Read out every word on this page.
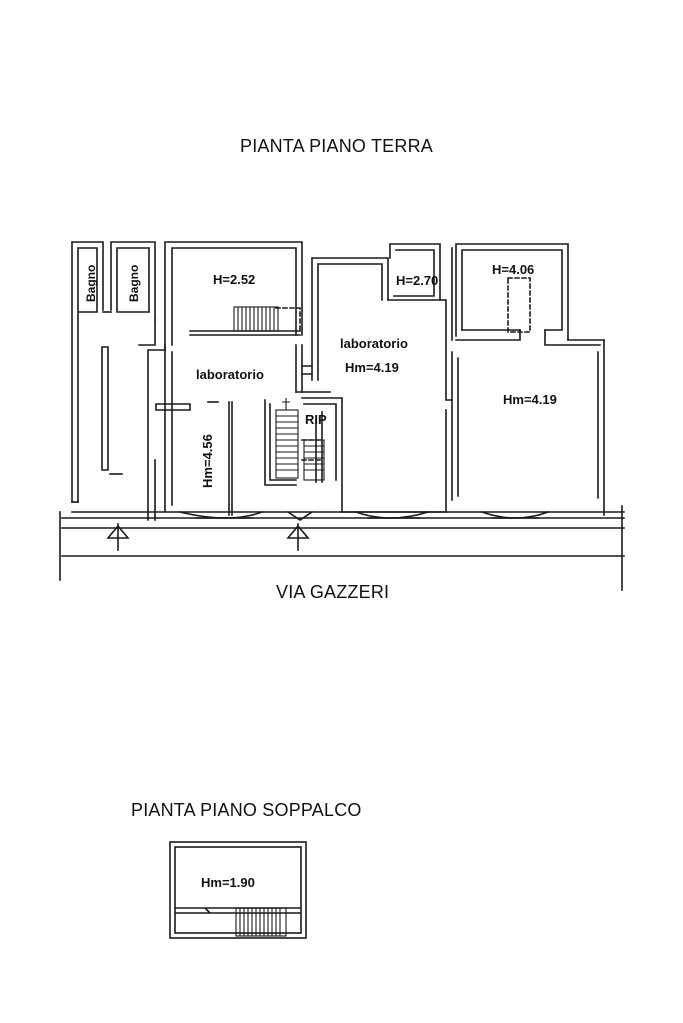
PIANTA PIANO TERRA
VIA GAZZERI
PIANTA PIANO SOPPALCO
Bagno Bagno	H=2.52
laboratorio
Hm=4.56
RIP
laboratorio
Hm=4.19
H=2.70
H=4.06
Hm=4.19
Hm=1.90
